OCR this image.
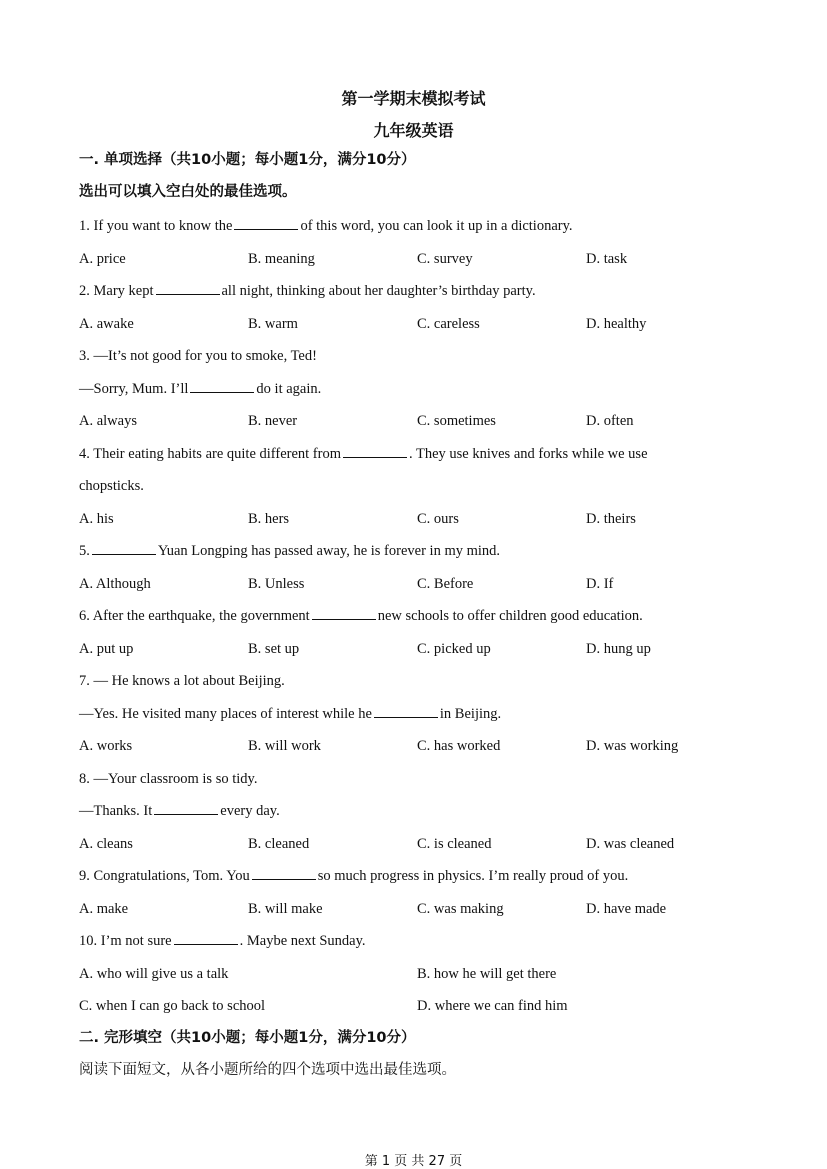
第一学期末模拟考试
九年级英语
一. 单项选择（共10小题；每小题1分，满分10分）
选出可以填入空白处的最佳选项。
1. If you want to know the	of this word, you can look it up in a dictionary.
A. price	B. meaning	C. survey	D. task
2. Mary kept	all night, thinking about her daughter’s birthday party.
A. awake	B. warm	C. careless	D. healthy
3. —It’s not good for you to smoke, Ted!
—Sorry, Mum. I’ll	do it again.
A. always	B. never	C. sometimes	D. often
4. Their eating habits are quite different from	. They use knives and forks while we use
chopsticks.
A. his	B. hers	C. ours	D. theirs
5.	Yuan Longping has passed away, he is forever in my mind.
A. Although	B. Unless	C. Before	D. If
6. After the earthquake, the government	new schools to offer children good education.
A. put up	B. set up	C. picked up	D. hung up
7. — He knows a lot about Beijing.
—Yes. He visited many places of interest while he	in Beijing.
A. works	B. will work	C. has worked	D. was working
8. —Your classroom is so tidy.
—Thanks. It	every day.
A. cleans	B. cleaned	C. is cleaned	D. was cleaned
9. Congratulations, Tom. You	so much progress in physics. I’m really proud of you.
A. make	B. will make	C. was making	D. have made
10. I’m not sure	. Maybe next Sunday.
A. who will give us a talk	B. how he will get there
C. when I can go back to school	D. where we can find him
二. 完形填空（共10小题；每小题1分，满分10分）
阅读下面短文，从各小题所给的四个选项中选出最佳选项。
第 1 页 共 27 页
